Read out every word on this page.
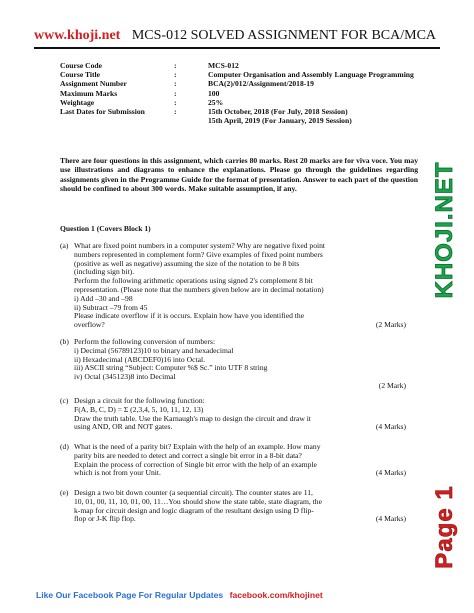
www.khoji.net MCS-012 SOLVED ASSIGNMENT FOR BCA/MCA
Course Code	:	MCS-012
Course Title	:	Computer Organisation and Assembly Language Programming
Assignment Number	:	BCA(2)/012/Assignment/2018-19
Maximum Marks	:	100
Weightage	:	25%
Last Dates for Submission	:	15th October, 2018 (For July, 2018 Session)
15th April, 2019 (For January, 2019 Session)

There are four questions in this assignment, which carries 80 marks. Rest 20 marks are for viva voce. You may use illustrations and diagrams to enhance the explanations. Please go through the guidelines regarding assignments given in the Programme Guide for the format of presentation. Answer to each part of the question should be confined to about 300 words. Make suitable assumption, if any.

Question 1 (Covers Block 1)
(a) What are fixed point numbers in a computer system? Why are negative fixed point
numbers represented in complement form? Give examples of fixed point numbers
(positive as well as negative) assuming the size of the notation to be 8 bits
(including sign bit).
Perform the following arithmetic operations using signed 2's complement 8 bit
representation. (Please note that the numbers given below are in decimal notation)
i) Add –30 and –98
ii) Subtract –79 from 45
Please indicate overflow if it is occurs. Explain how have you identified the
overflow?	(2 Marks)
(b) Perform the following conversion of numbers:
i) Decimal (56789123)10 to binary and hexadecimal
ii) Hexadecimal (ABCDEF0)16 into Octal.
iii) ASCII string “Subject: Computer %$ Sc.” into UTF 8 string
iv) Octal (345123)8 into Decimal
(2 Mark)
(c) Design a circuit for the following function:
F(A, B, C, D) = Σ (2,3,4, 5, 10, 11, 12, 13)
Draw the truth table. Use the Karnaugh's map to design the circuit and draw it
using AND, OR and NOT gates.	(4 Marks)
(d) What is the need of a parity bit? Explain with the help of an example. How many
parity bits are needed to detect and correct a single bit error in a 8-bit data?
Explain the process of correction of Single bit error with the help of an example
which is not from your Unit.	(4 Marks)
(e) Design a two bit down counter (a sequential circuit). The counter states are 11,
10, 01, 00, 11, 10, 01, 00, 11…You should show the state table, state diagram, the
k-map for circuit design and logic diagram of the resultant design using D flip-
flop or J-K flip flop.	(4 Marks)
KHOJI.NET
Page 1
Like Our Facebook Page For Regular Updates facebook.com/khojinet
